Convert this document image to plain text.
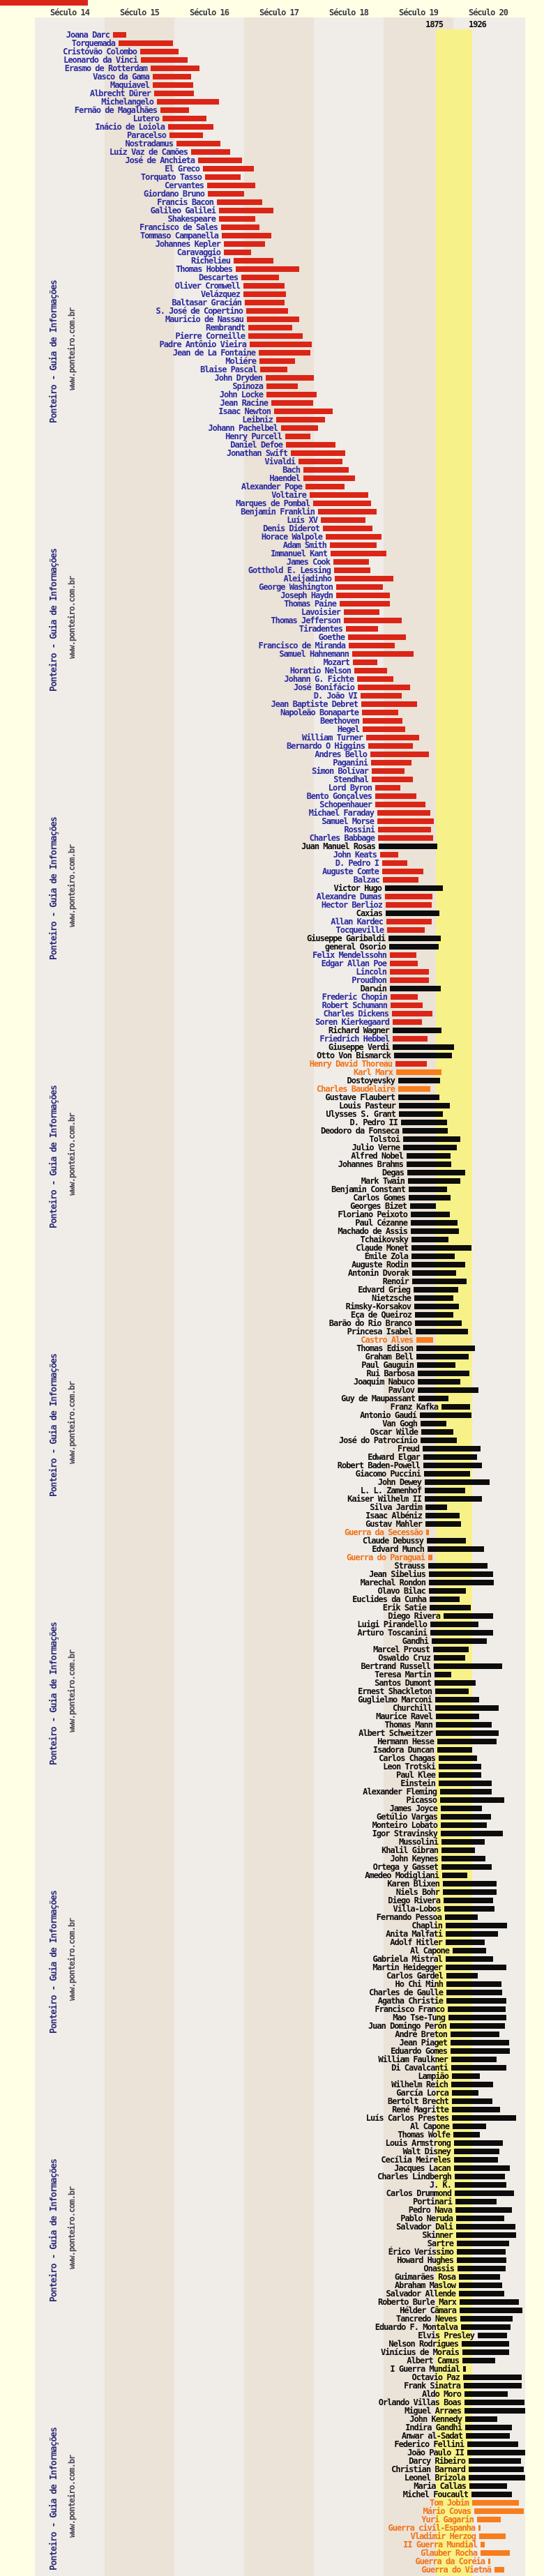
Século 14	Século 15	Século 16	Século 17	Século 18	Século 19	Século 20
1875	1926
Ponteiro - Guia de Informações www.ponteiro.com.br
Ponteiro - Guia de Informações www.ponteiro.com.br
Ponteiro - Guia de Informações www.ponteiro.com.br
Ponteiro - Guia de Informações www.ponteiro.com.br
Ponteiro - Guia de Informações www.ponteiro.com.br
Ponteiro - Guia de Informações www.ponteiro.com.br
Ponteiro - Guia de Informações www.ponteiro.com.br
Ponteiro - Guia de Informações www.ponteiro.com.br
Ponteiro - Guia de Informações www.ponteiro.com.br
Joana Darc
Torquemada
Cristóvão Colombo
Leonardo da Vinci
Erasmo de Rotterdam
Vasco da Gama
Maquiavel
Albrecht Dürer
Michelangelo
Fernão de Magalhães
Lutero
Inácio de Loiola
Paracelso
Nostradamus
Luíz Vaz de Camões
José de Anchieta
El Greco
Torquato Tasso
Cervantes
Giordano Bruno
Francis Bacon
Galileo Galilei
Shakespeare
Francisco de Sales
Tommaso Campanella
Johannes Kepler
Caravaggio
Richelieu
Thomas Hobbes
Descartes
Oliver Cromwell
Velázquez
Baltasar Gracián
S. José de Copertino
Mauricio de Nassau
Rembrandt
Pierre Corneille
Padre Antônio Vieira
Jean de La Fontaine
Moliére
Blaise Pascal
John Dryden
Spinoza
John Locke
Jean Racine
Isaac Newton
Leibniz
Johann Pachelbel
Henry Purcell
Daniel Defoe
Jonathan Swift
Vivaldi
Bach
Haendel
Alexander Pope
Voltaire
Marques de Pombal
Benjamin Franklin
Luís XV
Denis Diderot
Horace Walpole
Adam Smith
Immanuel Kant
James Cook
Gotthold E. Lessing
Aleijadinho
George Washington
Joseph Haydn
Thomas Paine
Lavoisier
Thomas Jefferson
Tiradentes
Goethe
Francisco de Miranda
Samuel Hahnemann
Mozart
Horatio Nelson
Johann G. Fichte
José Bonifácio
D. João VI
Jean Baptiste Debret
Napoleão Bonaparte
Beethoven
Hegel
William Turner
Bernardo O Higgins
Andres Bello
Paganini
Simon Bolívar
Stendhal
Lord Byron
Bento Gonçalves
Schopenhauer
Michael Faraday
Samuel Morse
Rossini
Charles Babbage
Juan Manuel Rosas
John Keats
D. Pedro I
Auguste Comte
Balzac
Victor Hugo
Alexandre Dumas
Hector Berlioz
Caxias
Allan Kardec
Tocqueville
Giuseppe Garibaldi
general Osorio
Felix Mendelssohn
Edgar Allan Poe
Lincoln
Proudhon
Darwin
Frederic Chopin
Robert Schumann
Charles Dickens
Soren Kierkegaard
Richard Wagner
Friedrich Hebbel
Giuseppe Verdi
Otto Von Bismarck
Henry David Thoreau
Karl Marx
Dostoyevsky
Charles Baudelaire
Gustave Flaubert
Louis Pasteur
Ulysses S. Grant
D. Pedro II
Deodoro da Fonseca
Tolstoi
Julio Verne
Alfred Nobel
Johannes Brahms
Degas
Mark Twain
Benjamin Constant
Carlos Gomes
Georges Bizet
Floriano Peixoto
Paul Cézanne
Machado de Assis
Tchaikovsky
Claude Monet
Émile Zola
Auguste Rodin
Antonin Dvorak
Renoir
Edvard Grieg
Nietzsche
Rimsky-Korsakov
Eça de Queiroz
Barão do Rio Branco
Princesa Isabel
Castro Alves
Thomas Edison
Graham Bell
Paul Gauguin
Rui Barbosa
Joaquim Nabuco
Pavlov
Guy de Maupassant
Franz Kafka
Antonio Gaudí
Van Gogh
Oscar Wilde
José do Patrocínio
Freud
Edward Elgar
Robert Baden-Powell
Giacomo Puccini
John Dewey
L. L. Zamenhof
Kaiser Wilhelm II
Silva Jardim
Isaac Albéniz
Gustav Mahler
Guerra da Secessão
Claude Debussy
Edvard Munch
Guerra do Paraguai
Strauss
Jean Sibelius
Marechal Rondon
Olavo Bilac
Euclides da Cunha
Erik Satie
Diego Rivera
Luigi Pirandello
Arturo Toscanini
Gandhi
Marcel Proust
Oswaldo Cruz
Bertrand Russell
Teresa Martin
Santos Dumont
Ernest Shackleton
Guglielmo Marconi
Churchill
Maurice Ravel
Thomas Mann
Albert Schweitzer
Hermann Hesse
Isadora Duncan
Carlos Chagas
Leon Trotski
Paul Klee
Einstein
Alexander Fleming
Picasso
James Joyce
Getúlio Vargas
Monteiro Lobato
Igor Stravinsky
Mussolini
Khalil Gibran
John Keynes
Ortega y Gasset
Amedeo Modigliani
Karen Blixen
Niels Bohr
Diego Rivera
Villa-Lobos
Fernando Pessoa
Chaplin
Anita Malfati
Adolf Hitler
Al Capone
Gabriela Mistral
Martin Heidegger
Carlos Gardel
Ho Chi Minh
Charles de Gaulle
Agatha Christie
Francisco Franco
Mao Tse-Tung
Juan Domingo Perón
André Breton
Jean Piaget
Eduardo Gomes
William Faulkner
Di Cavalcanti
Lampião
Wilhelm Reich
García Lorca
Bertolt Brecht
René Magritte
Luís Carlos Prestes
Al Capone
Thomas Wolfe
Louis Armstrong
Walt Disney
Cecília Meireles
Jacques Lacan
Charles Lindbergh
J. K.
Carlos Drummond
Portinari
Pedro Nava
Pablo Neruda
Salvador Dali
Skinner
Sartre
Érico Veríssimo
Howard Hughes
Onassis
Guimarães Rosa
Abraham Maslow
Salvador Allende
Roberto Burle Marx
Hélder Câmara
Tancredo Neves
Eduardo F. Montalva
Elvis Presley
Nelson Rodrigues
Vinícius de Morais
Albert Camus
I Guerra Mundial
Octavio Paz
Frank Sinatra
Aldo Moro
Orlando Villas Boas
Miguel Arraes
John Kennedy
Indira Gandhi
Anwar al-Sadat
Federico Fellini
João Paulo II
Darcy Ribeiro
Christian Barnard
Leonel Brizola
Maria Callas
Michel Foucault
Tom Jobim
Mário Covas
Yuri Gagarin
Guerra civil-Espanha
Vladimir Herzog
II Guerra Mundial
Glauber Rocha
Guerra da Coréia
Guerra do Vietnã
